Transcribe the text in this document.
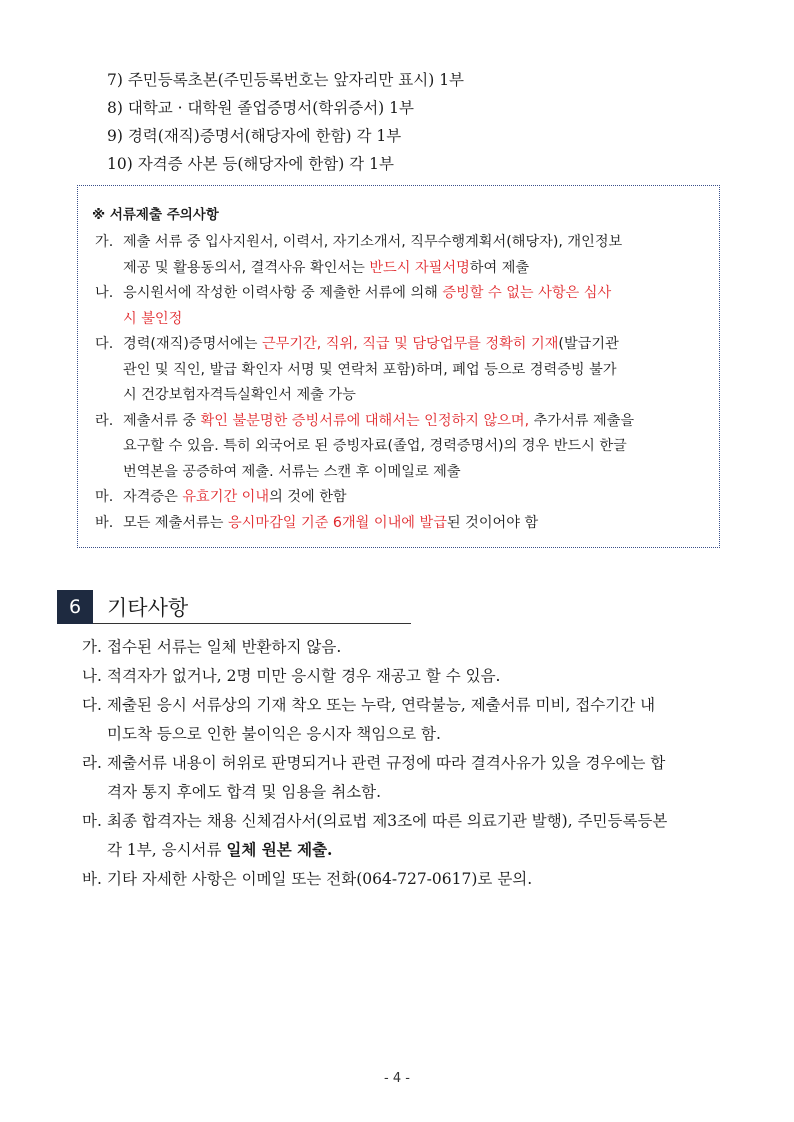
7) 주민등록초본(주민등록번호는 앞자리만 표시) 1부
8) 대학교 · 대학원 졸업증명서(학위증서) 1부
9) 경력(재직)증명서(해당자에 한함) 각 1부
10) 자격증 사본 등(해당자에 한함) 각 1부
※ 서류제출 주의사항
가. 제출 서류 중 입사지원서, 이력서, 자기소개서, 직무수행계획서(해당자), 개인정보
제공 및 활용동의서, 결격사유 확인서는 반드시 자필서명하여 제출
나. 응시원서에 작성한 이력사항 중 제출한 서류에 의해 증빙할 수 없는 사항은 심사
시 불인정
다. 경력(재직)증명서에는 근무기간, 직위, 직급 및 담당업무를 정확히 기재(발급기관
관인 및 직인, 발급 확인자 서명 및 연락처 포함)하며, 폐업 등으로 경력증빙 불가
시 건강보험자격득실확인서 제출 가능
라. 제출서류 중 확인 불분명한 증빙서류에 대해서는 인정하지 않으며, 추가서류 제출을
요구할 수 있음. 특히 외국어로 된 증빙자료(졸업, 경력증명서)의 경우 반드시 한글
번역본을 공증하여 제출. 서류는 스캔 후 이메일로 제출
마. 자격증은 유효기간 이내의 것에 한함
바. 모든 제출서류는 응시마감일 기준 6개월 이내에 발급된 것이어야 함
6	기타사항
가. 접수된 서류는 일체 반환하지 않음.
나. 적격자가 없거나, 2명 미만 응시할 경우 재공고 할 수 있음.
다. 제출된 응시 서류상의 기재 착오 또는 누락, 연락불능, 제출서류 미비, 접수기간 내
미도착 등으로 인한 불이익은 응시자 책임으로 함.
라. 제출서류 내용이 허위로 판명되거나 관련 규정에 따라 결격사유가 있을 경우에는 합
격자 통지 후에도 합격 및 임용을 취소함.
마. 최종 합격자는 채용 신체검사서(의료법 제3조에 따른 의료기관 발행), 주민등록등본
각 1부, 응시서류 일체 원본 제출.
바. 기타 자세한 사항은 이메일 또는 전화(064-727-0617)로 문의.
- 4 -
